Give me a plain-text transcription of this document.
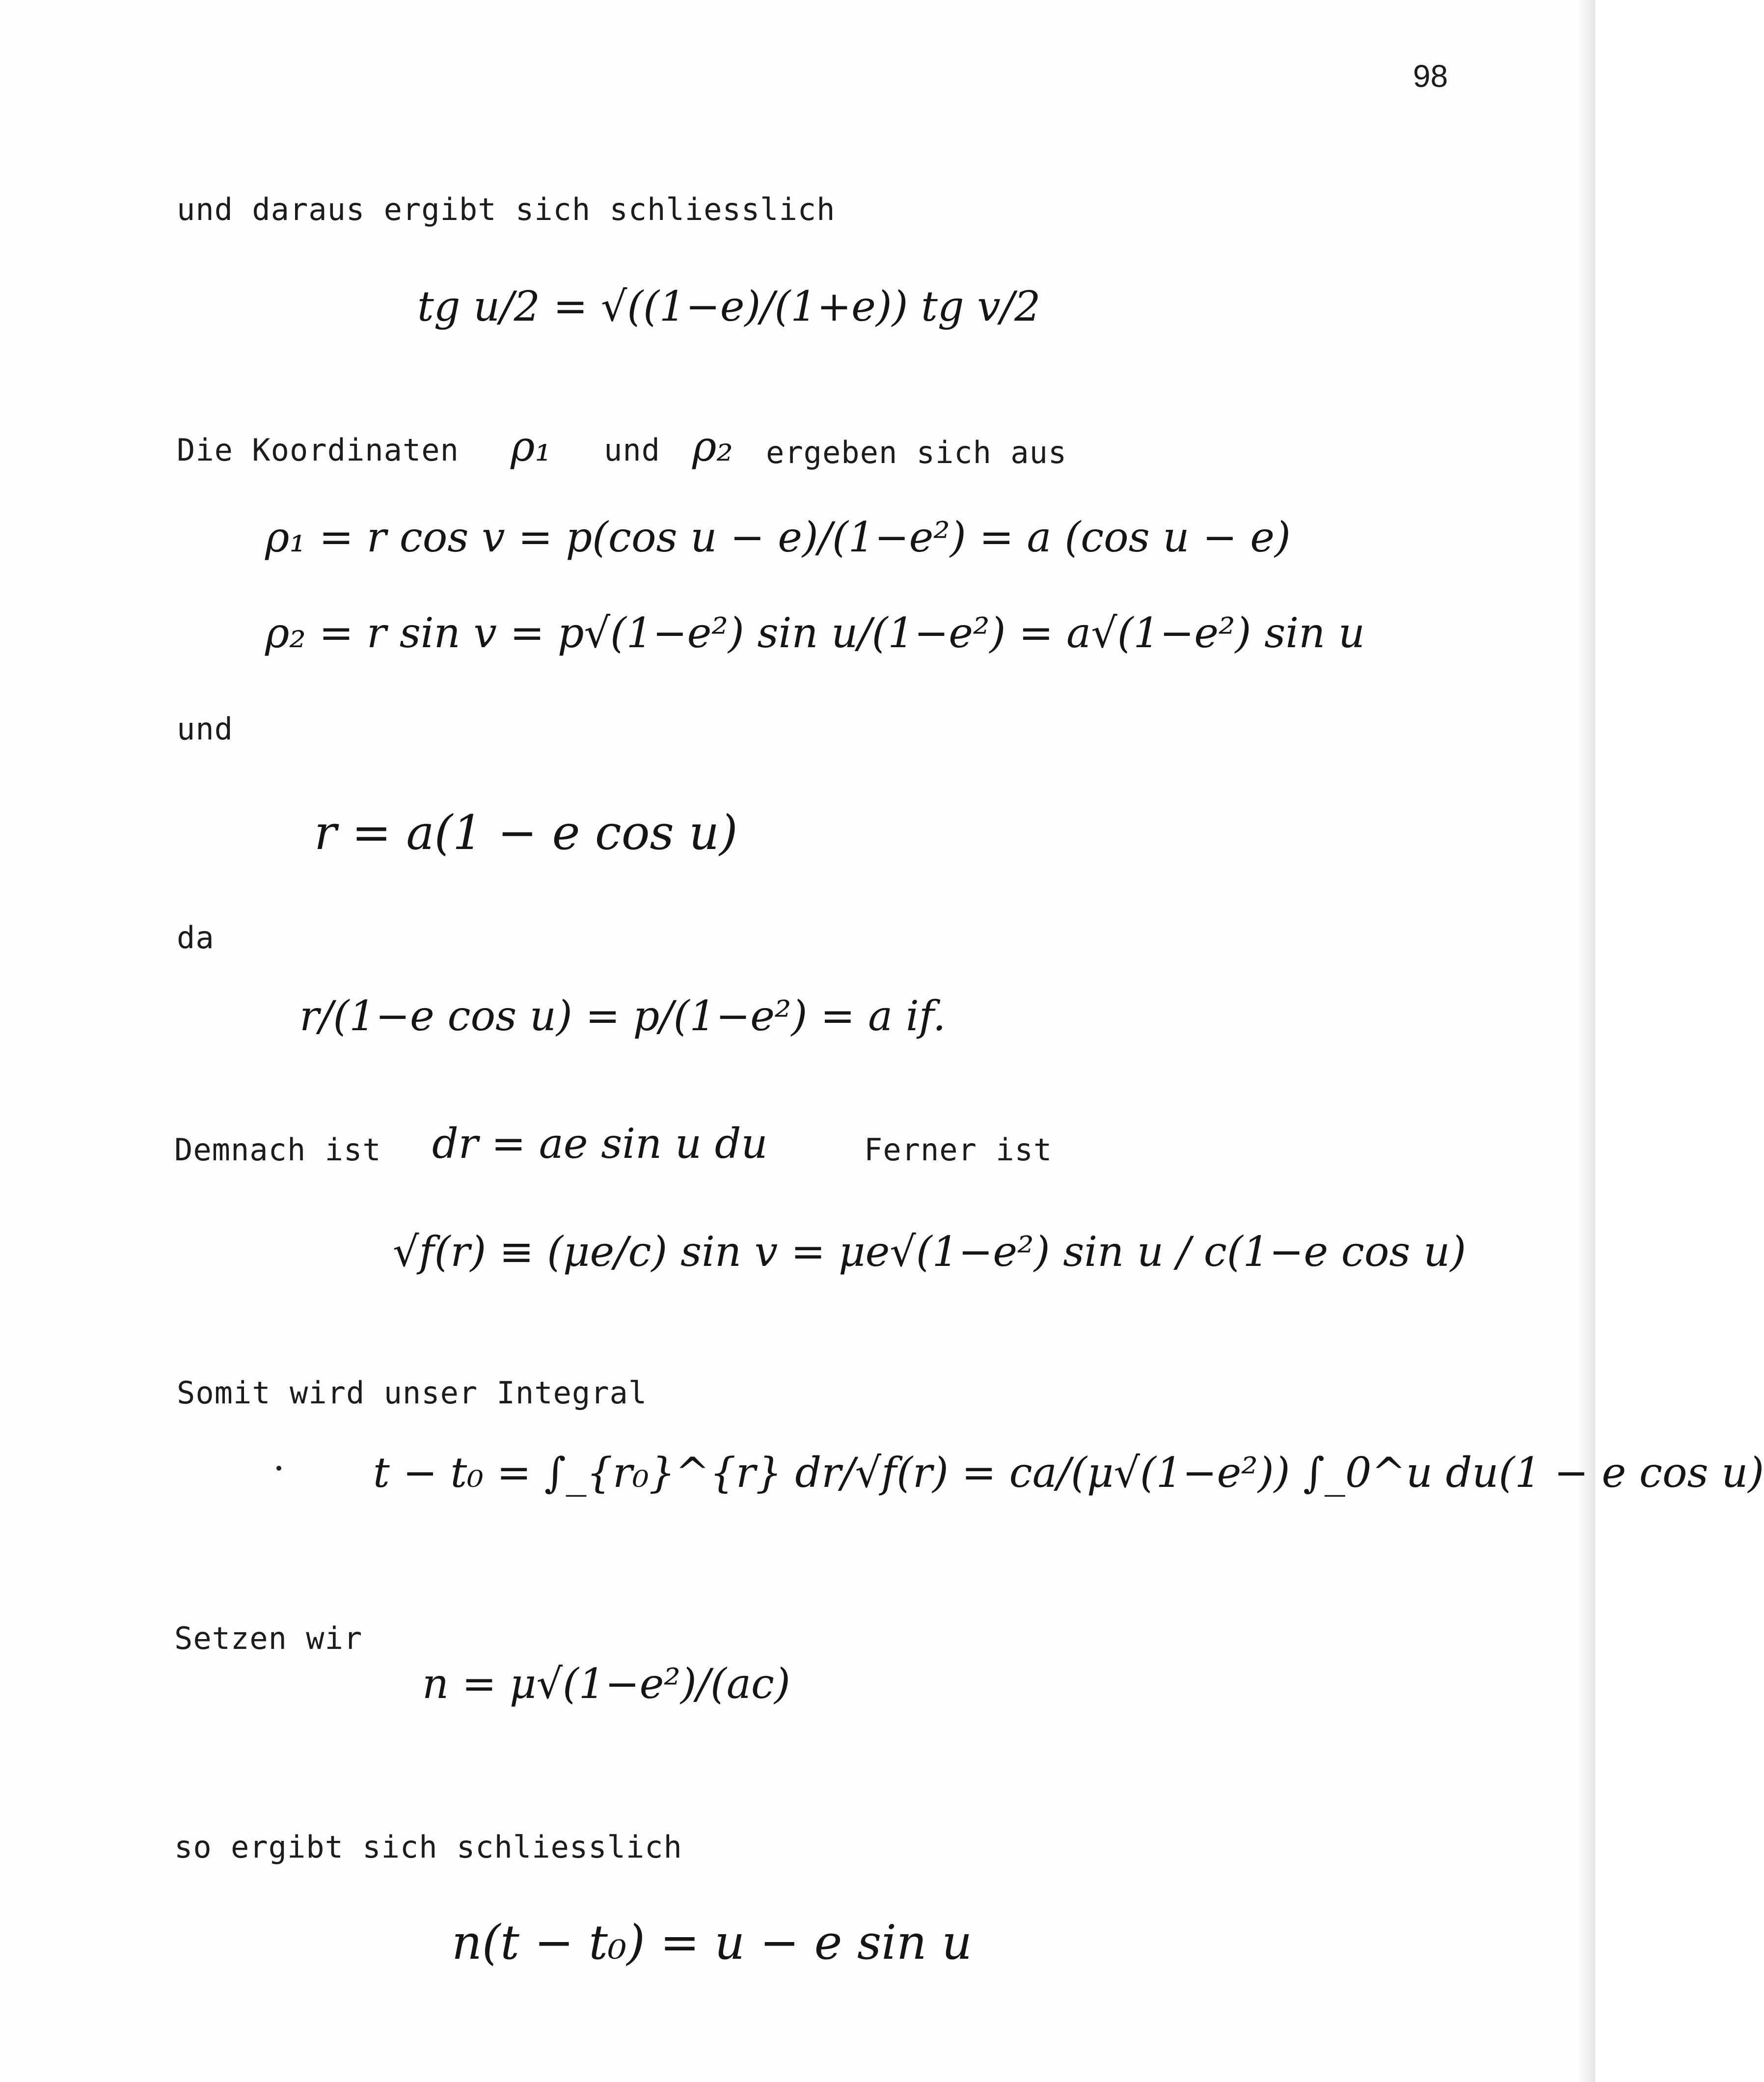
98
und daraus ergibt sich schliesslich
tg u/2 = √((1−e)/(1+e)) tg v/2
Die Koordinaten ρ₁ und ρ₂ ergeben sich aus
ρ₁ = r cos v = p(cos u − e)/(1−e²) = a (cos u − e)
ρ₂ = r sin v = p√(1−e²) sin u/(1−e²) = a√(1−e²) sin u
und
r = a(1 − e cos u)
da
r/(1−e cos u) = p/(1−e²) = a if.
Demnach ist dr = ae sin u du	Ferner ist
√f(r) ≡ (μe/c) sin v = μe√(1−e²) sin u / c(1−e cos u)
Somit wird unser Integral
t − t₀ = ∫_{r₀}^{r} dr/√f(r) = ca/(μ√(1−e²)) ∫_0^u du(1 − e cos u)
Setzen wir
n = μ√(1−e²)/(ac)
so ergibt sich schliesslich
n(t − t₀) = u − e sin u
